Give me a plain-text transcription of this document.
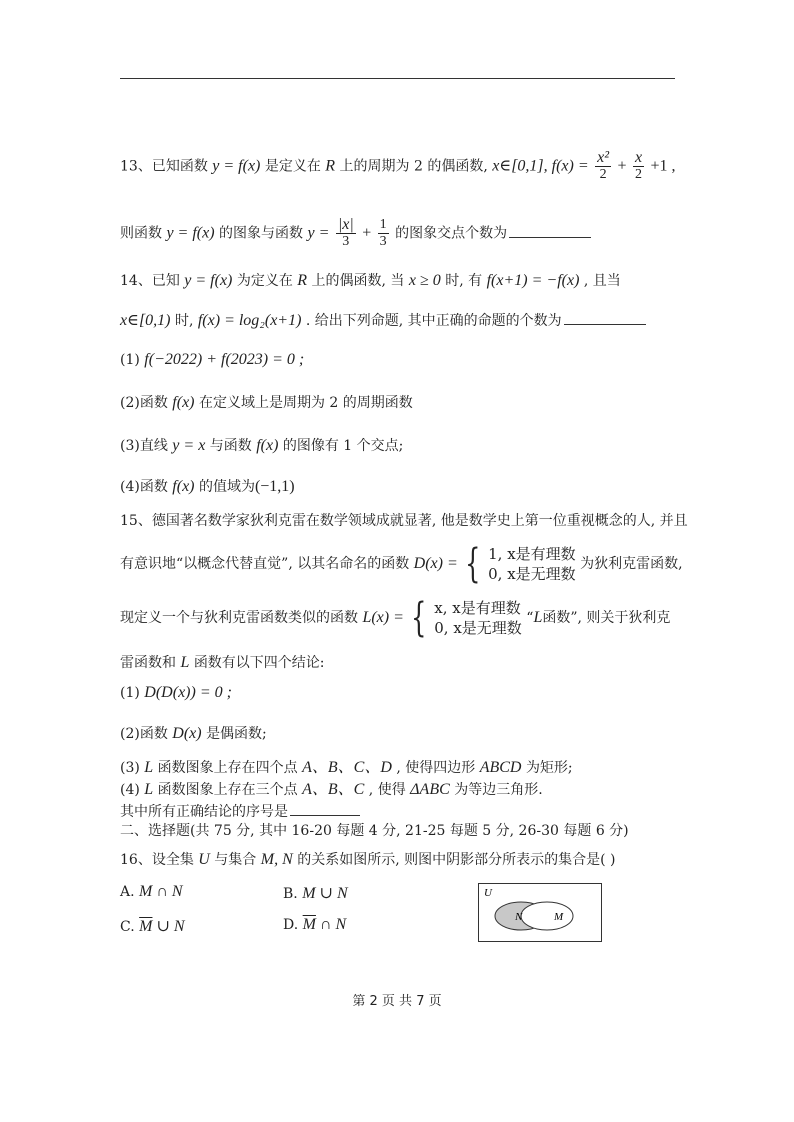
13、已知函数 y = f(x) 是定义在 R 上的周期为 2 的偶函数, x∈[0,1], $f(x) = \frac{\text{x²}}{2} + \frac{x}{2} +1$ ,
则函数 y = f(x) 的图象与函数 $y = \frac{|x|}{3} + \frac{1}{3}$ 的图象交点个数为
14、已知 y = f(x) 为定义在 R 上的偶函数, 当 x ≥ 0 时, 有 f(x+1) = −f(x) , 且当
x∈[0,1) 时, f(x) = log₂(x+1) . 给出下列命题, 其中正确的命题的个数为
(1) f(−2022) + f(2023) = 0 ;
(2)函数 f(x) 在定义域上是周期为 2 的周期函数
(3)直线 y = x 与函数 f(x) 的图像有 1 个交点;
(4)函数 f(x) 的值域为(−1,1)
15、德国著名数学家狄利克雷在数学领域成就显著, 他是数学史上第一位重视概念的人, 并且
有意识地“以概念代替直觉”, 以其名命名的函数 D(x) = { 1, x是有理数
0, x是无理数
为狄利克雷函数,
现定义一个与狄利克雷函数类似的函数 L(x) = { x, x是有理数
0, x是无理数
“L函数”, 则关于狄利克
雷函数和 L 函数有以下四个结论:
(1) D(D(x)) = 0 ;
(2)函数 D(x) 是偶函数;
(3) L 函数图象上存在四个点 A、B、C、D , 使得四边形 ABCD 为矩形;
(4) L 函数图象上存在三个点 A、B、C , 使得 ΔABC 为等边三角形.
其中所有正确结论的序号是
二、选择题(共 75 分, 其中 16-20 每题 4 分, 21-25 每题 5 分, 26-30 每题 6 分)
16、设全集 U 与集合 M, N 的关系如图所示, 则图中阴影部分所表示的集合是( )
A. M ∩ N	B. M ∪ N
C. $\overline{M}$ ∪ N	D. $\overline{M}$ ∩ N
U
N	M
第 2 页 共 7 页
